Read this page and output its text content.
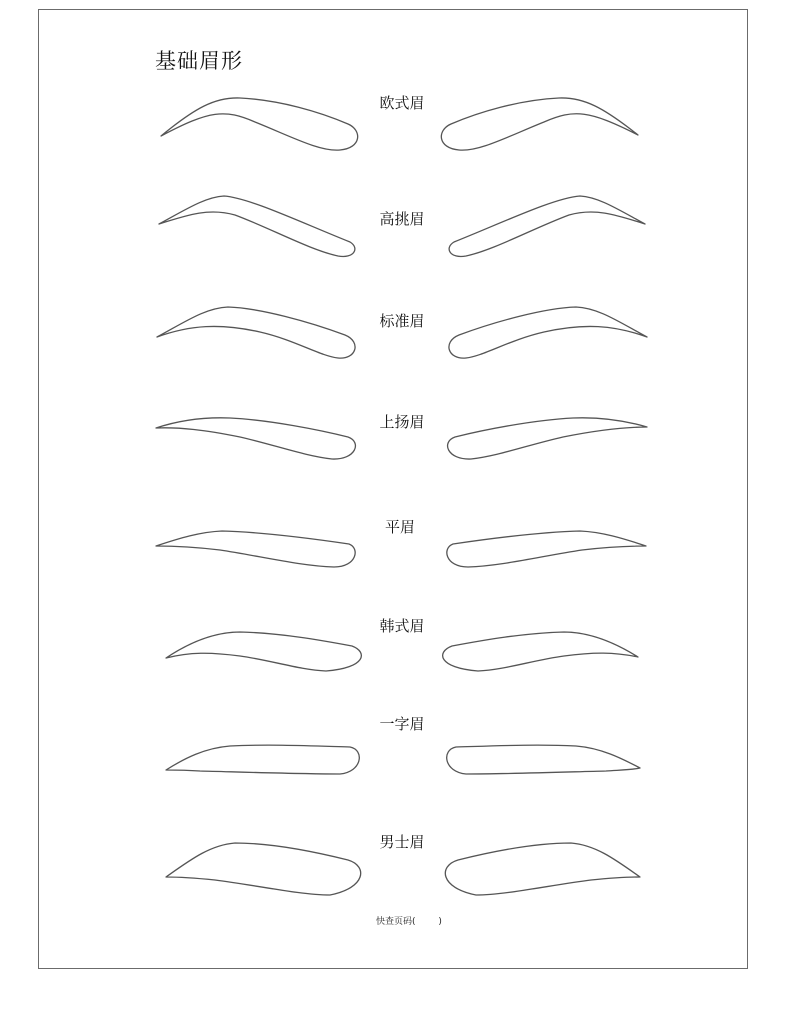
基础眉形
欧式眉
高挑眉
标准眉
上扬眉
平眉
韩式眉
一字眉
男士眉
快查页码(        )
